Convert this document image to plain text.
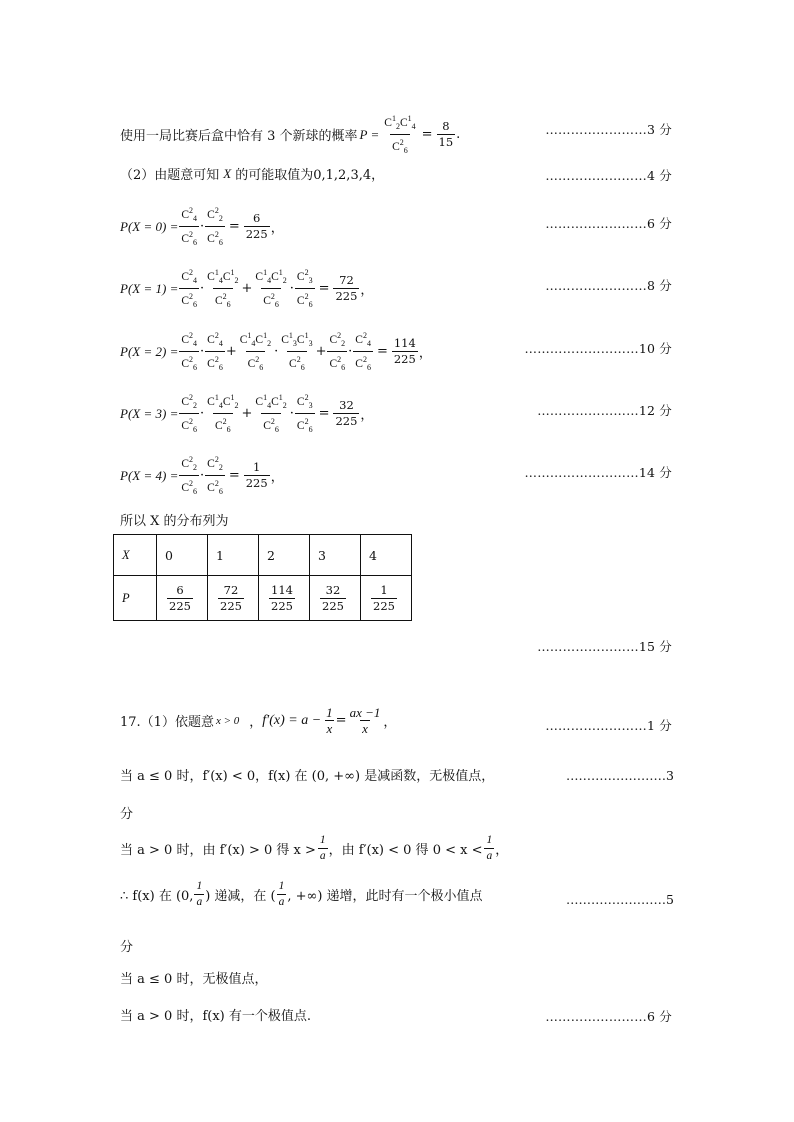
使用一局比赛后盒中恰有 3 个新球的概率 $P = \frac{C^1_2C^1_4}{C^2_6} = \frac{8}{15}$ .	……………………3 分
（2）由题意可知 X 的可能取值为0,1,2,3,4，	……………………4 分
$P(X = 0) = \frac{C^2_4}{C^2_6} \cdot \frac{C^2_2}{C^2_6} = \frac{6}{225}$ ，	……………………6 分
$P(X = 1) = \frac{C^2_4}{C^2_6} \cdot \frac{C^1_4C^1_2}{C^2_6} + \frac{C^1_4C^1_2}{C^2_6} \cdot \frac{C^2_3}{C^2_6} = \frac{72}{225}$ ，	……………………8 分
$P(X = 2) = \frac{C^2_4}{C^2_6} \cdot \frac{C^2_4}{C^2_6} + \frac{C^1_4C^1_2}{C^2_6} \cdot \frac{C^1_3C^1_3}{C^2_6} + \frac{C^2_2}{C^2_6} \cdot \frac{C^2_4}{C^2_6} = \frac{114}{225}$ ，	………………………10 分
$P(X = 3) = \frac{C^2_2}{C^2_6} \cdot \frac{C^1_4C^1_2}{C^2_6} + \frac{C^1_4C^1_2}{C^2_6} \cdot \frac{C^2_3}{C^2_6} = \frac{32}{225}$ ，	……………………12 分
$P(X = 4) = \frac{C^2_2}{C^2_6} \cdot \frac{C^2_2}{C^2_6} = \frac{1}{225}$ ，	………………………14 分
所以 X 的分布列为
X	0	1	2	3	4
P	$\frac{6}{225}$	$\frac{72}{225}$	$\frac{114}{225}$	$\frac{32}{225}$	$\frac{1}{225}$
……………………15 分
17.（1）依题意 x > 0 ， $f'(x) = a - \frac{1}{x} = \frac{ax -1}{x}$ ，	……………………1 分
当 a ≤ 0 时，f′(x) < 0，f(x) 在 (0, +∞) 是减函数，无极值点，	……………………3
分
当 a > 0 时，由 f′(x) > 0 得 $x > \frac{1}{a}$ ，由 f′(x) < 0 得 $0 < x < \frac{1}{a}$ ，
∴ f(x) 在 (0, $\frac{1}{a}$ ) 递减，在 ( $\frac{1}{a}$ , +∞) 递增，此时有一个极小值点	……………………5
分
当 a ≤ 0 时，无极值点，
当 a > 0 时，f(x) 有一个极值点.	……………………6 分
